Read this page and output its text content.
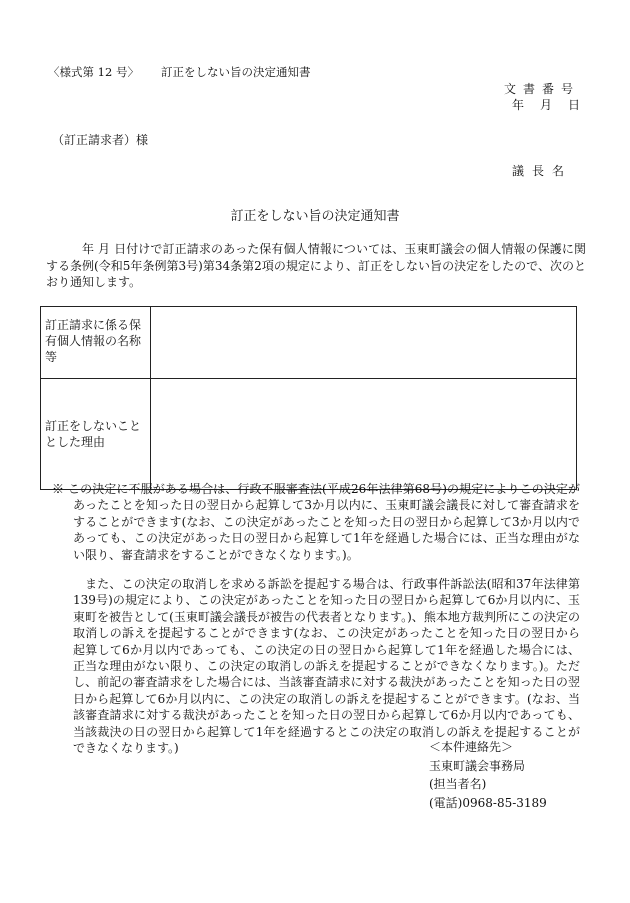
〈様式第 12 号〉 訂正をしない旨の決定通知書
文書番号
年 月 日
（訂正請求者）様
議長名
訂正をしない旨の決定通知書
年 月 日付けで訂正請求のあった保有個人情報については、玉東町議会の個人情報の保護に関する条例(令和5年条例第3号)第34条第2項の規定により、訂正をしない旨の決定をしたので、次のとおり通知します。
訂正請求に係る保有個人情報の名称等	
訂正をしないこととした理由	
※ この決定に不服がある場合は、行政不服審査法(平成26年法律第68号)の規定によりこの決定があったことを知った日の翌日から起算して3か月以内に、玉東町議会議長に対して審査請求をすることができます(なお、この決定があったことを知った日の翌日から起算して3か月以内であっても、この決定があった日の翌日から起算して1年を経過した場合には、正当な理由がない限り、審査請求をすることができなくなります。)。
また、この決定の取消しを求める訴訟を提起する場合は、行政事件訴訟法(昭和37年法律第139号)の規定により、この決定があったことを知った日の翌日から起算して6か月以内に、玉東町を被告として(玉東町議会議長が被告の代表者となります。)、熊本地方裁判所にこの決定の取消しの訴えを提起することができます(なお、この決定があったことを知った日の翌日から起算して6か月以内であっても、この決定の日の翌日から起算して1年を経過した場合には、正当な理由がない限り、この決定の取消しの訴えを提起することができなくなります。)。ただし、前記の審査請求をした場合には、当該審査請求に対する裁決があったことを知った日の翌日から起算して6か月以内に、この決定の取消しの訴えを提起することができます。(なお、当該審査請求に対する裁決があったことを知った日の翌日から起算して6か月以内であっても、当該裁決の日の翌日から起算して1年を経過するとこの決定の取消しの訴えを提起することができなくなります。)	＜本件連絡先＞
玉東町議会事務局
(担当者名)
(電話)0968-85-3189
